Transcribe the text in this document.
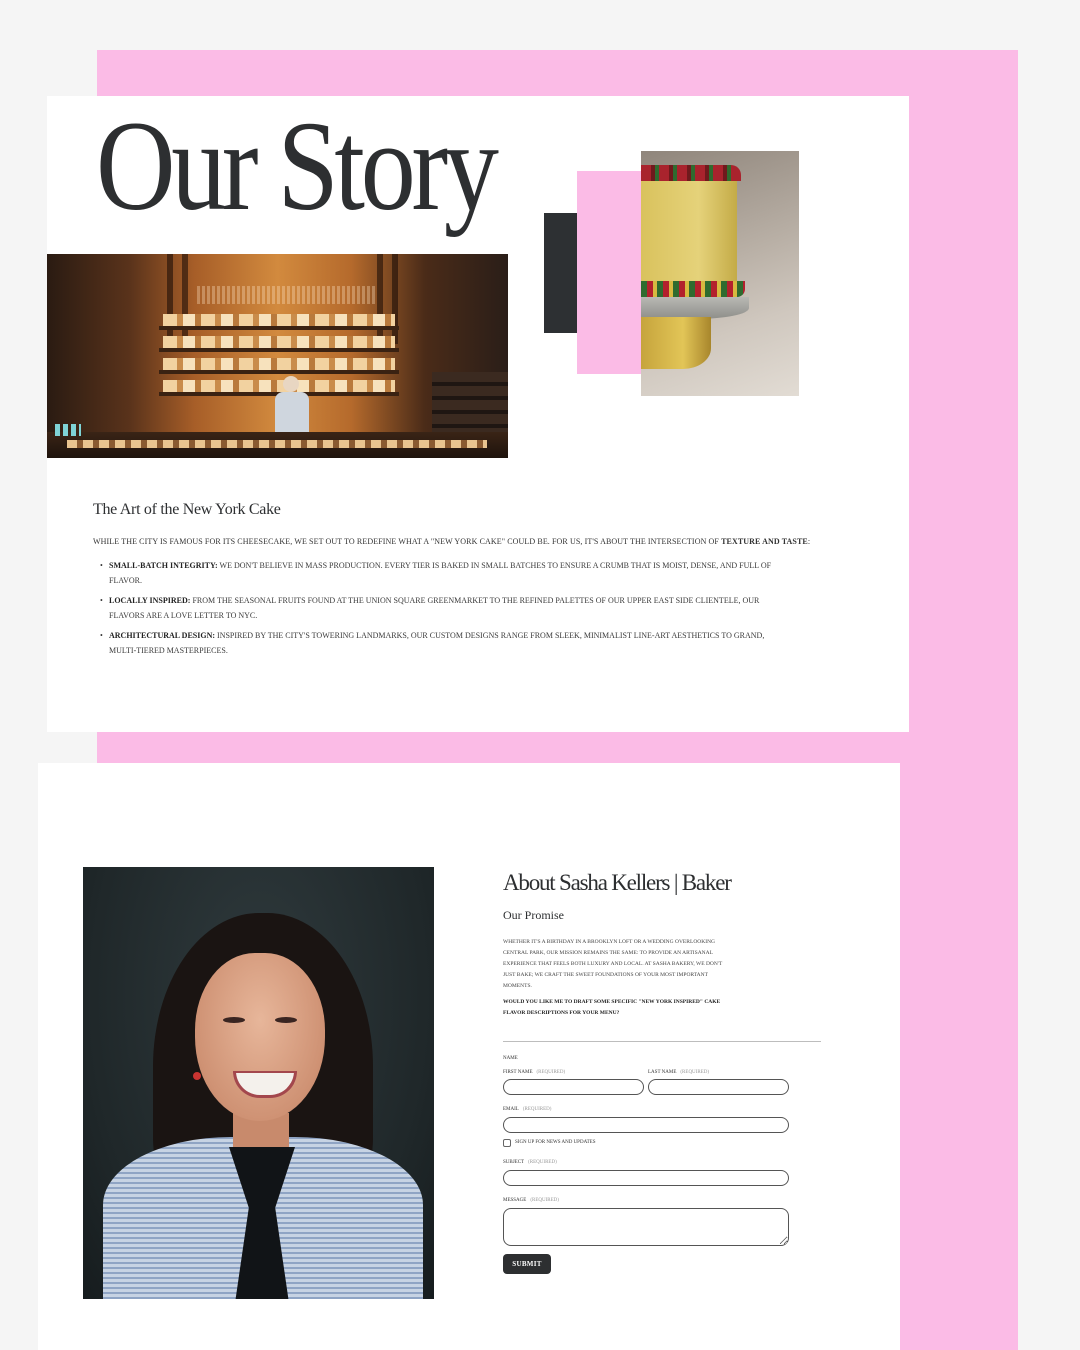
Our Story
The Art of the New York Cake

WHILE THE CITY IS FAMOUS FOR ITS CHEESECAKE, WE SET OUT TO REDEFINE WHAT A "NEW YORK CAKE" COULD BE. FOR US, IT'S ABOUT THE INTERSECTION OF TEXTURE AND TASTE:

• SMALL-BATCH INTEGRITY: WE DON'T BELIEVE IN MASS PRODUCTION. EVERY TIER IS BAKED IN SMALL BATCHES TO ENSURE A CRUMB THAT IS MOIST, DENSE, AND FULL OF FLAVOR.
• LOCALLY INSPIRED: FROM THE SEASONAL FRUITS FOUND AT THE UNION SQUARE GREENMARKET TO THE REFINED PALETTES OF OUR UPPER EAST SIDE CLIENTELE, OUR FLAVORS ARE A LOVE LETTER TO NYC.
• ARCHITECTURAL DESIGN: INSPIRED BY THE CITY'S TOWERING LANDMARKS, OUR CUSTOM DESIGNS RANGE FROM SLEEK, MINIMALIST LINE-ART AESTHETICS TO GRAND, MULTI-TIERED MASTERPIECES.
About Sasha Kellers | Baker
Our Promise

WHETHER IT'S A BIRTHDAY IN A BROOKLYN LOFT OR A WEDDING OVERLOOKING CENTRAL PARK, OUR MISSION REMAINS THE SAME: TO PROVIDE AN ARTISANAL EXPERIENCE THAT FEELS BOTH LUXURY AND LOCAL. AT SASHA BAKERY, WE DON'T JUST BAKE; WE CRAFT THE SWEET FOUNDATIONS OF YOUR MOST IMPORTANT MOMENTS.

WOULD YOU LIKE ME TO DRAFT SOME SPECIFIC "NEW YORK INSPIRED" CAKE FLAVOR DESCRIPTIONS FOR YOUR MENU?

NAME
FIRST NAME (REQUIRED)	LAST NAME (REQUIRED)
EMAIL (REQUIRED)
SIGN UP FOR NEWS AND UPDATES
SUBJECT (REQUIRED)
MESSAGE (REQUIRED)
SUBMIT
